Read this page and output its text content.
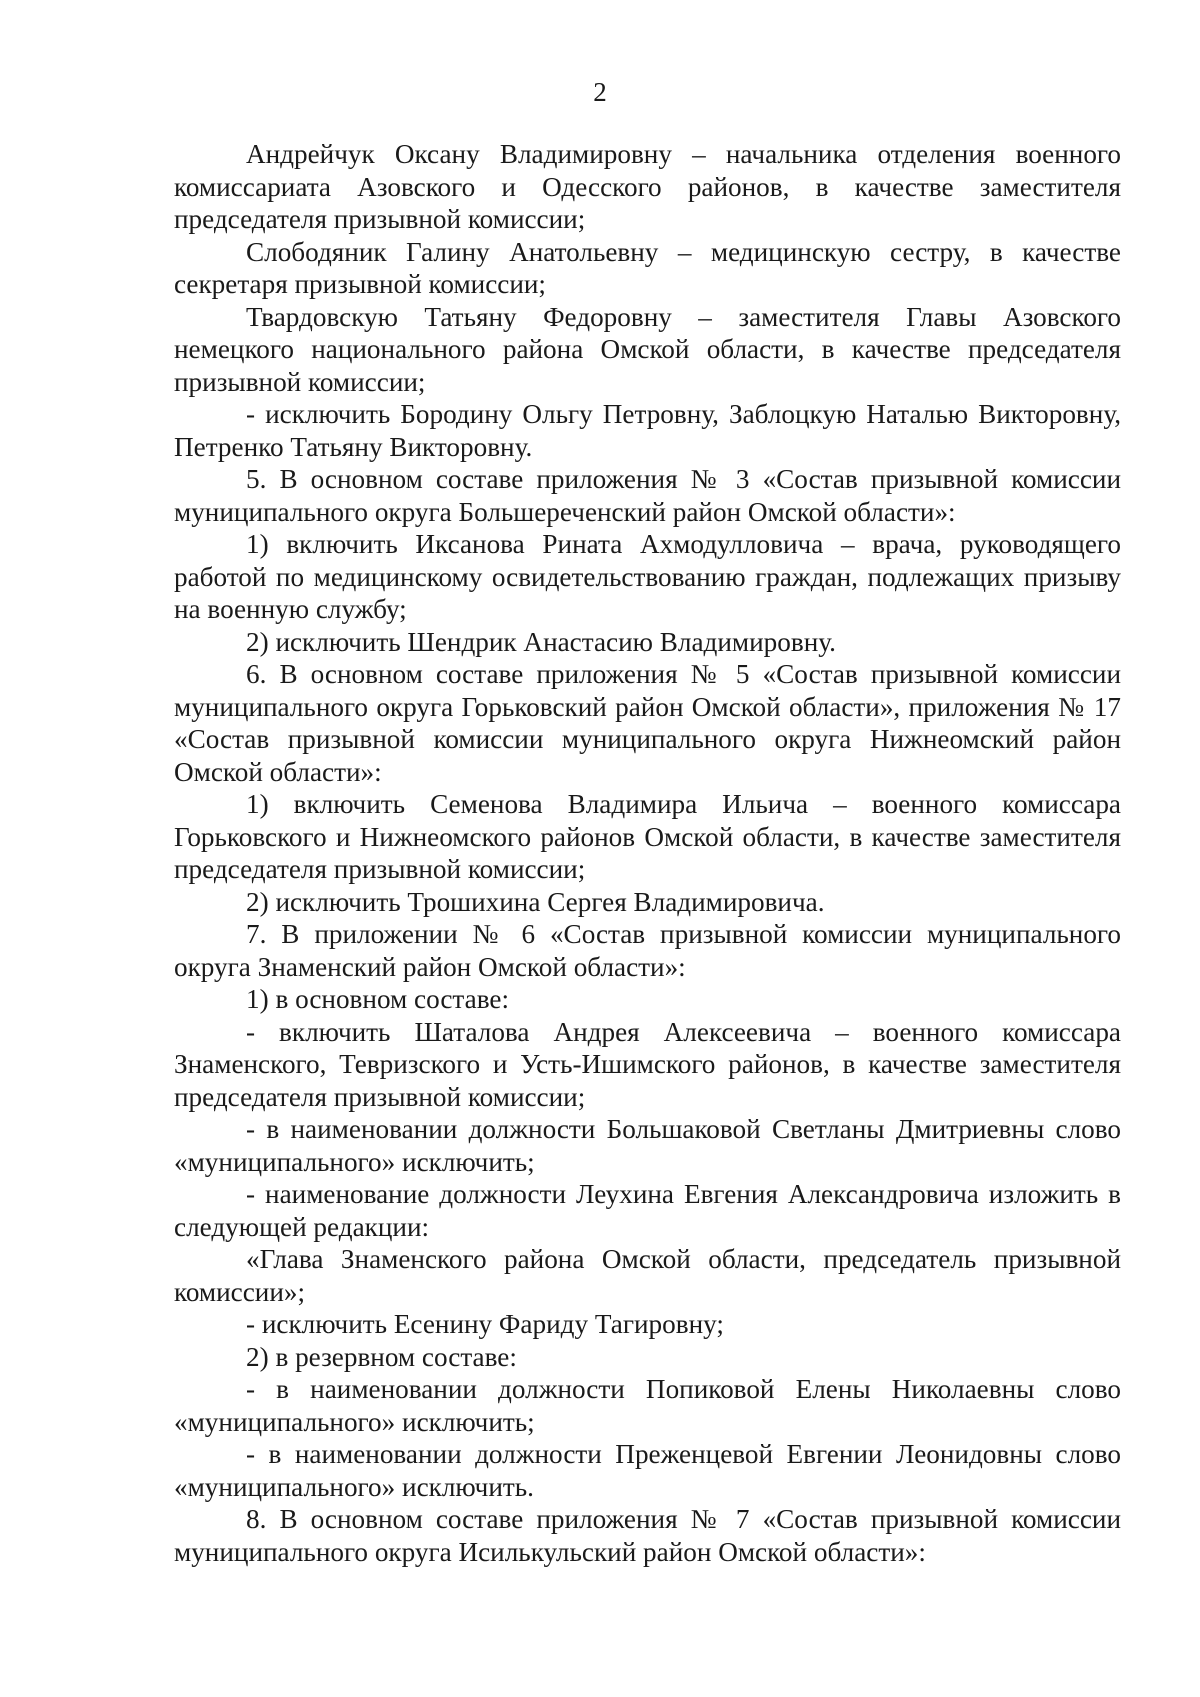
2

Андрейчук Оксану Владимировну – начальника отделения военного комиссариата Азовского и Одесского районов, в качестве заместителя председателя призывной комиссии;

Слободяник Галину Анатольевну – медицинскую сестру, в качестве секретаря призывной комиссии;

Твардовскую Татьяну Федоровну – заместителя Главы Азовского немецкого национального района Омской области, в качестве председателя призывной комиссии;

- исключить Бородину Ольгу Петровну, Заблоцкую Наталью Викторовну, Петренко Татьяну Викторовну.

5. В основном составе приложения № 3 «Состав призывной комиссии муниципального округа Большереченский район Омской области»:

1) включить Иксанова Рината Ахмодулловича – врача, руководящего работой по медицинскому освидетельствованию граждан, подлежащих призыву на военную службу;

2) исключить Шендрик Анастасию Владимировну.

6. В основном составе приложения № 5 «Состав призывной комиссии муниципального округа Горьковский район Омской области», приложения № 17 «Состав призывной комиссии муниципального округа Нижнеомский район Омской области»:

1) включить Семенова Владимира Ильича – военного комиссара Горьковского и Нижнеомского районов Омской области, в качестве заместителя председателя призывной комиссии;

2) исключить Трошихина Сергея Владимировича.

7. В приложении № 6 «Состав призывной комиссии муниципального округа Знаменский район Омской области»:

1) в основном составе:

- включить Шаталова Андрея Алексеевича – военного комиссара Знаменского, Тевризского и Усть-Ишимского районов, в качестве заместителя председателя призывной комиссии;

- в наименовании должности Большаковой Светланы Дмитриевны слово «муниципального» исключить;

- наименование должности Леухина Евгения Александровича изложить в следующей редакции:

«Глава Знаменского района Омской области, председатель призывной комиссии»;

- исключить Есенину Фариду Тагировну;

2) в резервном составе:

- в наименовании должности Попиковой Елены Николаевны слово «муниципального» исключить;

- в наименовании должности Преженцевой Евгении Леонидовны слово «муниципального» исключить.

8. В основном составе приложения № 7 «Состав призывной комиссии муниципального округа Исилькульский район Омской области»:
